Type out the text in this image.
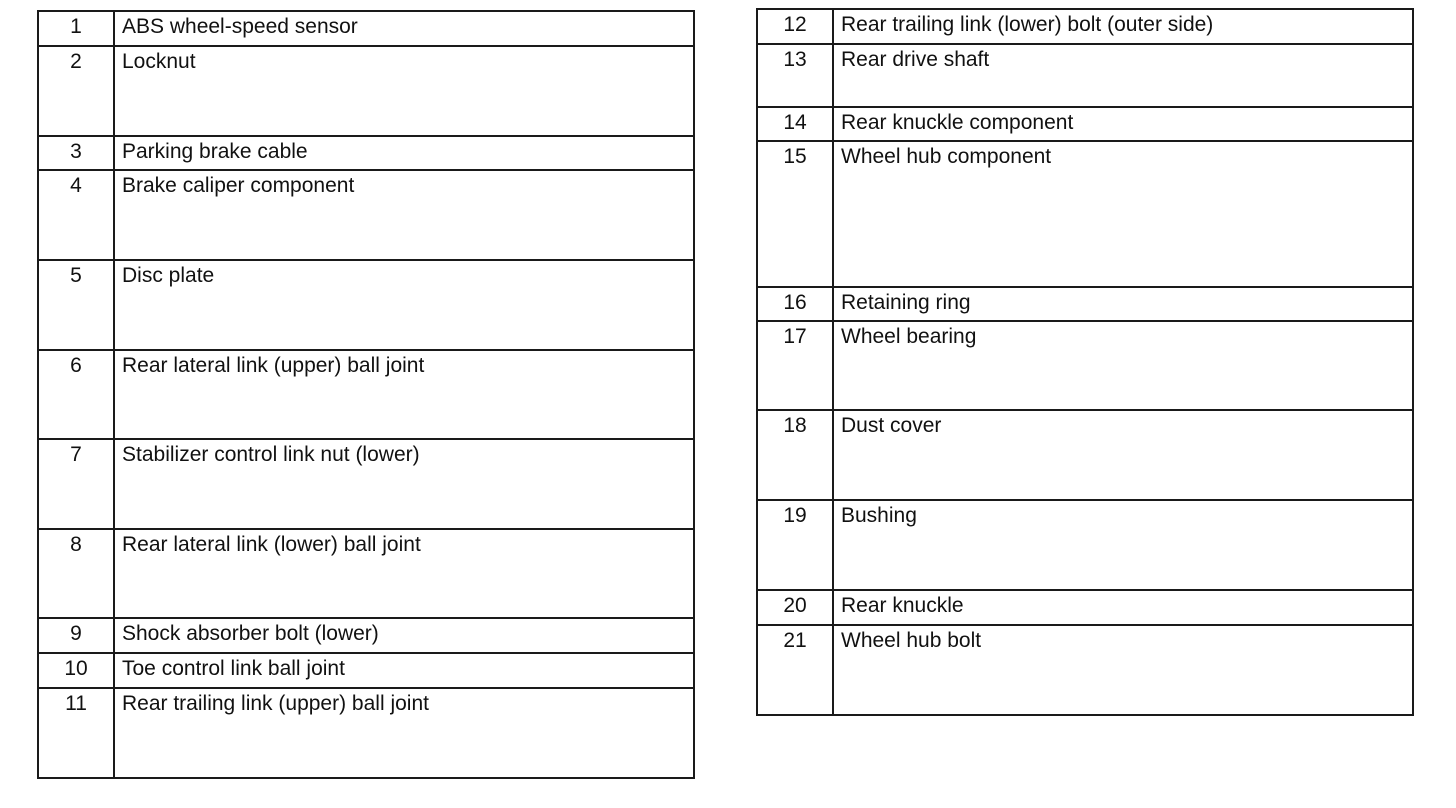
1	ABS wheel-speed sensor
2	Locknut
3	Parking brake cable
4	Brake caliper component
5	Disc plate
6	Rear lateral link (upper) ball joint
7	Stabilizer control link nut (lower)
8	Rear lateral link (lower) ball joint
9	Shock absorber bolt (lower)
10	Toe control link ball joint
11	Rear trailing link (upper) ball joint
12	Rear trailing link (lower) bolt (outer side)
13	Rear drive shaft
14	Rear knuckle component
15	Wheel hub component
16	Retaining ring
17	Wheel bearing
18	Dust cover
19	Bushing
20	Rear knuckle
21	Wheel hub bolt
